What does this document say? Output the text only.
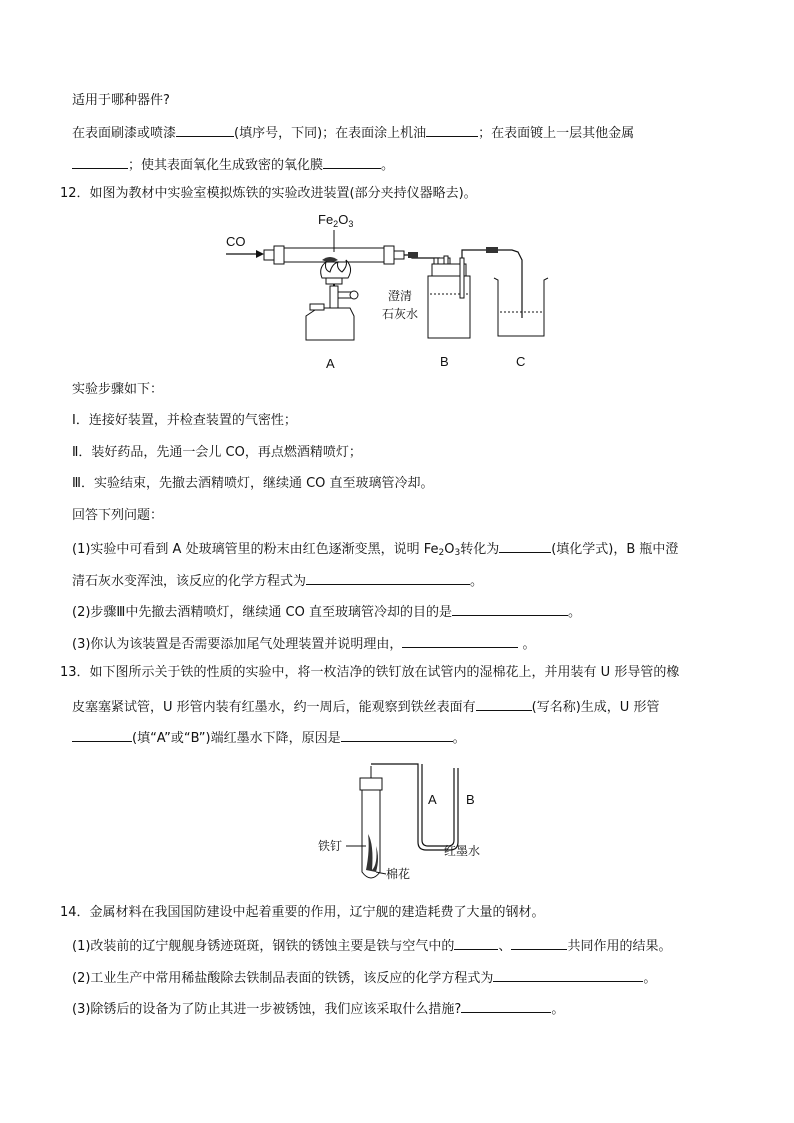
适用于哪种器件?
在表面刷漆或喷漆	(填序号，下同)；在表面涂上机油	；在表面镀上一层其他金属
；使其表面氧化生成致密的氧化膜	。
12．如图为教材中实验室模拟炼铁的实验改进装置(部分夹持仪器略去)。
CO
$Fe_2O_3$
A
澄清
石灰水
B	C
实验步骤如下：
Ⅰ．连接好装置，并检查装置的气密性；
Ⅱ．装好药品，先通一会儿 CO，再点燃酒精喷灯；
Ⅲ．实验结束，先撤去酒精喷灯，继续通 CO 直至玻璃管冷却。
回答下列问题：
(1)实验中可看到 A 处玻璃管里的粉末由红色逐渐变黑，说明 $Fe_2O_3$转化为	(填化学式)，B 瓶中澄
清石灰水变浑浊，该反应的化学方程式为	。
(2)步骤Ⅲ中先撤去酒精喷灯，继续通 CO 直至玻璃管冷却的目的是	。
(3)你认为该装置是否需要添加尾气处理装置并说明理由，	。
13．如下图所示关于铁的性质的实验中，将一枚洁净的铁钉放在试管内的湿棉花上，并用装有 U 形导管的橡
皮塞塞紧试管，U 形管内装有红墨水，约一周后，能观察到铁丝表面有	(写名称)生成，U 形管
(填“A”或“B”)端红墨水下降，原因是	。
A B
铁钉	红墨水
棉花
14．金属材料在我国国防建设中起着重要的作用，辽宁舰的建造耗费了大量的钢材。
(1)改装前的辽宁舰舰身锈迹斑斑，钢铁的锈蚀主要是铁与空气中的	、	共同作用的结果。
(2)工业生产中常用稀盐酸除去铁制品表面的铁锈，该反应的化学方程式为	。
(3)除锈后的设备为了防止其进一步被锈蚀，我们应该采取什么措施?	。
